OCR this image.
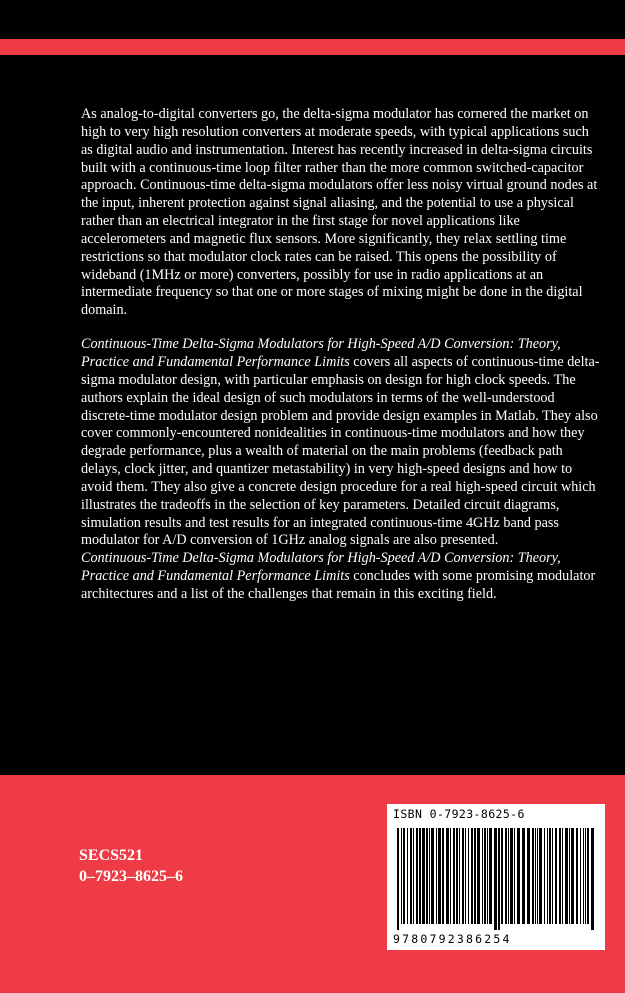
As analog-to-digital converters go, the delta-sigma modulator has cornered the market on high to very high resolution converters at moderate speeds, with typical applications such as digital audio and instrumentation. Interest has recently increased in delta-sigma circuits built with a continuous-time loop filter rather than the more common switched-capacitor approach. Continuous-time delta-sigma modulators offer less noisy virtual ground nodes at the input, inherent protection against signal aliasing, and the potential to use a physical rather than an electrical integrator in the first stage for novel applications like accelerometers and magnetic flux sensors. More significantly, they relax settling time restrictions so that modulator clock rates can be raised. This opens the possibility of wideband (1MHz or more) converters, possibly for use in radio applications at an intermediate frequency so that one or more stages of mixing might be done in the digital domain.

Continuous-Time Delta-Sigma Modulators for High-Speed A/D Conversion: Theory, Practice and Fundamental Performance Limits covers all aspects of continuous-time delta-sigma modulator design, with particular emphasis on design for high clock speeds. The authors explain the ideal design of such modulators in terms of the well-understood discrete-time modulator design problem and provide design examples in Matlab. They also cover commonly-encountered nonidealities in continuous-time modulators and how they degrade performance, plus a wealth of material on the main problems (feedback path delays, clock jitter, and quantizer metastability) in very high-speed designs and how to avoid them. They also give a concrete design procedure for a real high-speed circuit which illustrates the tradeoffs in the selection of key parameters. Detailed circuit diagrams, simulation results and test results for an integrated continuous-time 4GHz band pass modulator for A/D conversion of 1GHz analog signals are also presented.
Continuous-Time Delta-Sigma Modulators for High-Speed A/D Conversion: Theory, Practice and Fundamental Performance Limits concludes with some promising modulator architectures and a list of the challenges that remain in this exciting field.

SECS521
0–7923–8625–6
ISBN 0-7923-8625-6
9780792386254
